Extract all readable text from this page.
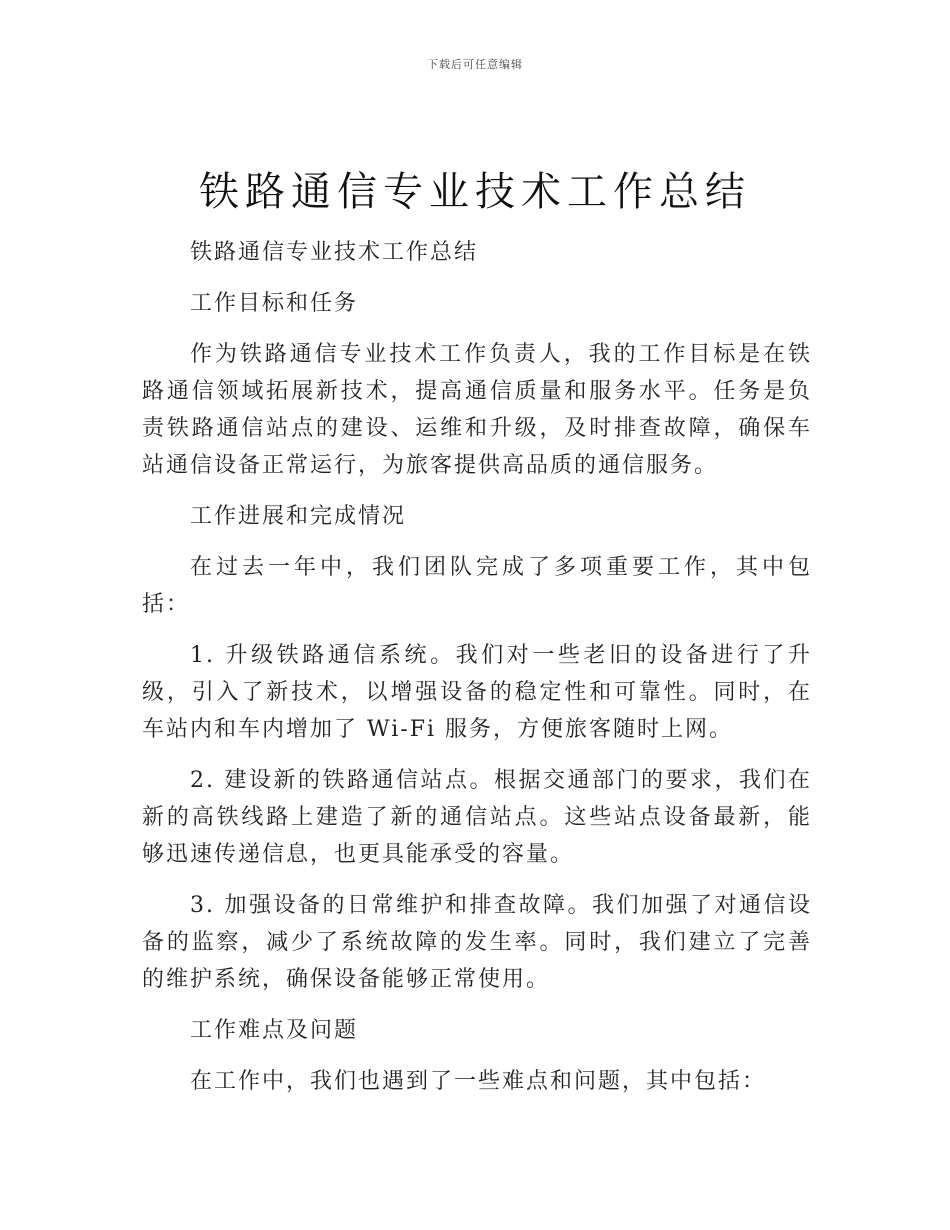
下载后可任意编辑
铁路通信专业技术工作总结

铁路通信专业技术工作总结

工作目标和任务

作为铁路通信专业技术工作负责人，我的工作目标是在铁路通信领域拓展新技术，提高通信质量和服务水平。任务是负责铁路通信站点的建设、运维和升级，及时排查故障，确保车站通信设备正常运行，为旅客提供高品质的通信服务。

工作进展和完成情况

在过去一年中，我们团队完成了多项重要工作，其中包括：

1. 升级铁路通信系统。我们对一些老旧的设备进行了升级，引入了新技术，以增强设备的稳定性和可靠性。同时，在车站内和车内增加了 Wi-Fi 服务，方便旅客随时上网。

2. 建设新的铁路通信站点。根据交通部门的要求，我们在新的高铁线路上建造了新的通信站点。这些站点设备最新，能够迅速传递信息，也更具能承受的容量。

3. 加强设备的日常维护和排查故障。我们加强了对通信设备的监察，减少了系统故障的发生率。同时，我们建立了完善的维护系统，确保设备能够正常使用。

工作难点及问题

在工作中，我们也遇到了一些难点和问题，其中包括：
